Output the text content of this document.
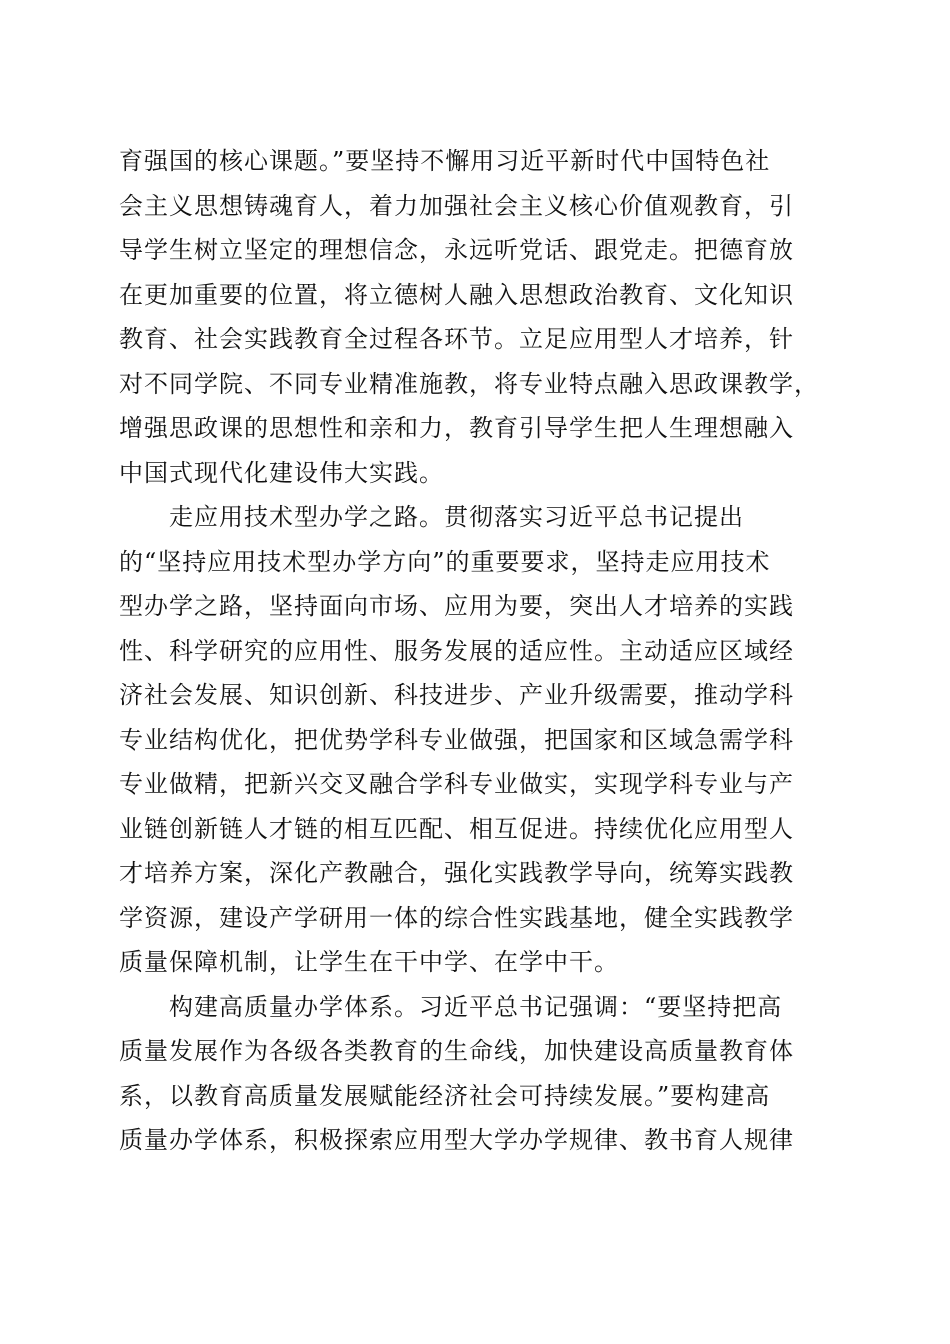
育强国的核心课题。”要坚持不懈用习近平新时代中国特色社
会主义思想铸魂育人，着力加强社会主义核心价值观教育，引
导学生树立坚定的理想信念，永远听党话、跟党走。把德育放
在更加重要的位置，将立德树人融入思想政治教育、文化知识
教育、社会实践教育全过程各环节。立足应用型人才培养，针
对不同学院、不同专业精准施教，将专业特点融入思政课教学，
增强思政课的思想性和亲和力，教育引导学生把人生理想融入
中国式现代化建设伟大实践。
　　走应用技术型办学之路。贯彻落实习近平总书记提出
的“坚持应用技术型办学方向”的重要要求，坚持走应用技术
型办学之路，坚持面向市场、应用为要，突出人才培养的实践
性、科学研究的应用性、服务发展的适应性。主动适应区域经
济社会发展、知识创新、科技进步、产业升级需要，推动学科
专业结构优化，把优势学科专业做强，把国家和区域急需学科
专业做精，把新兴交叉融合学科专业做实，实现学科专业与产
业链创新链人才链的相互匹配、相互促进。持续优化应用型人
才培养方案，深化产教融合，强化实践教学导向，统筹实践教
学资源，建设产学研用一体的综合性实践基地，健全实践教学
质量保障机制，让学生在干中学、在学中干。
　　构建高质量办学体系。习近平总书记强调：“要坚持把高
质量发展作为各级各类教育的生命线，加快建设高质量教育体
系，以教育高质量发展赋能经济社会可持续发展。”要构建高
质量办学体系，积极探索应用型大学办学规律、教书育人规律
